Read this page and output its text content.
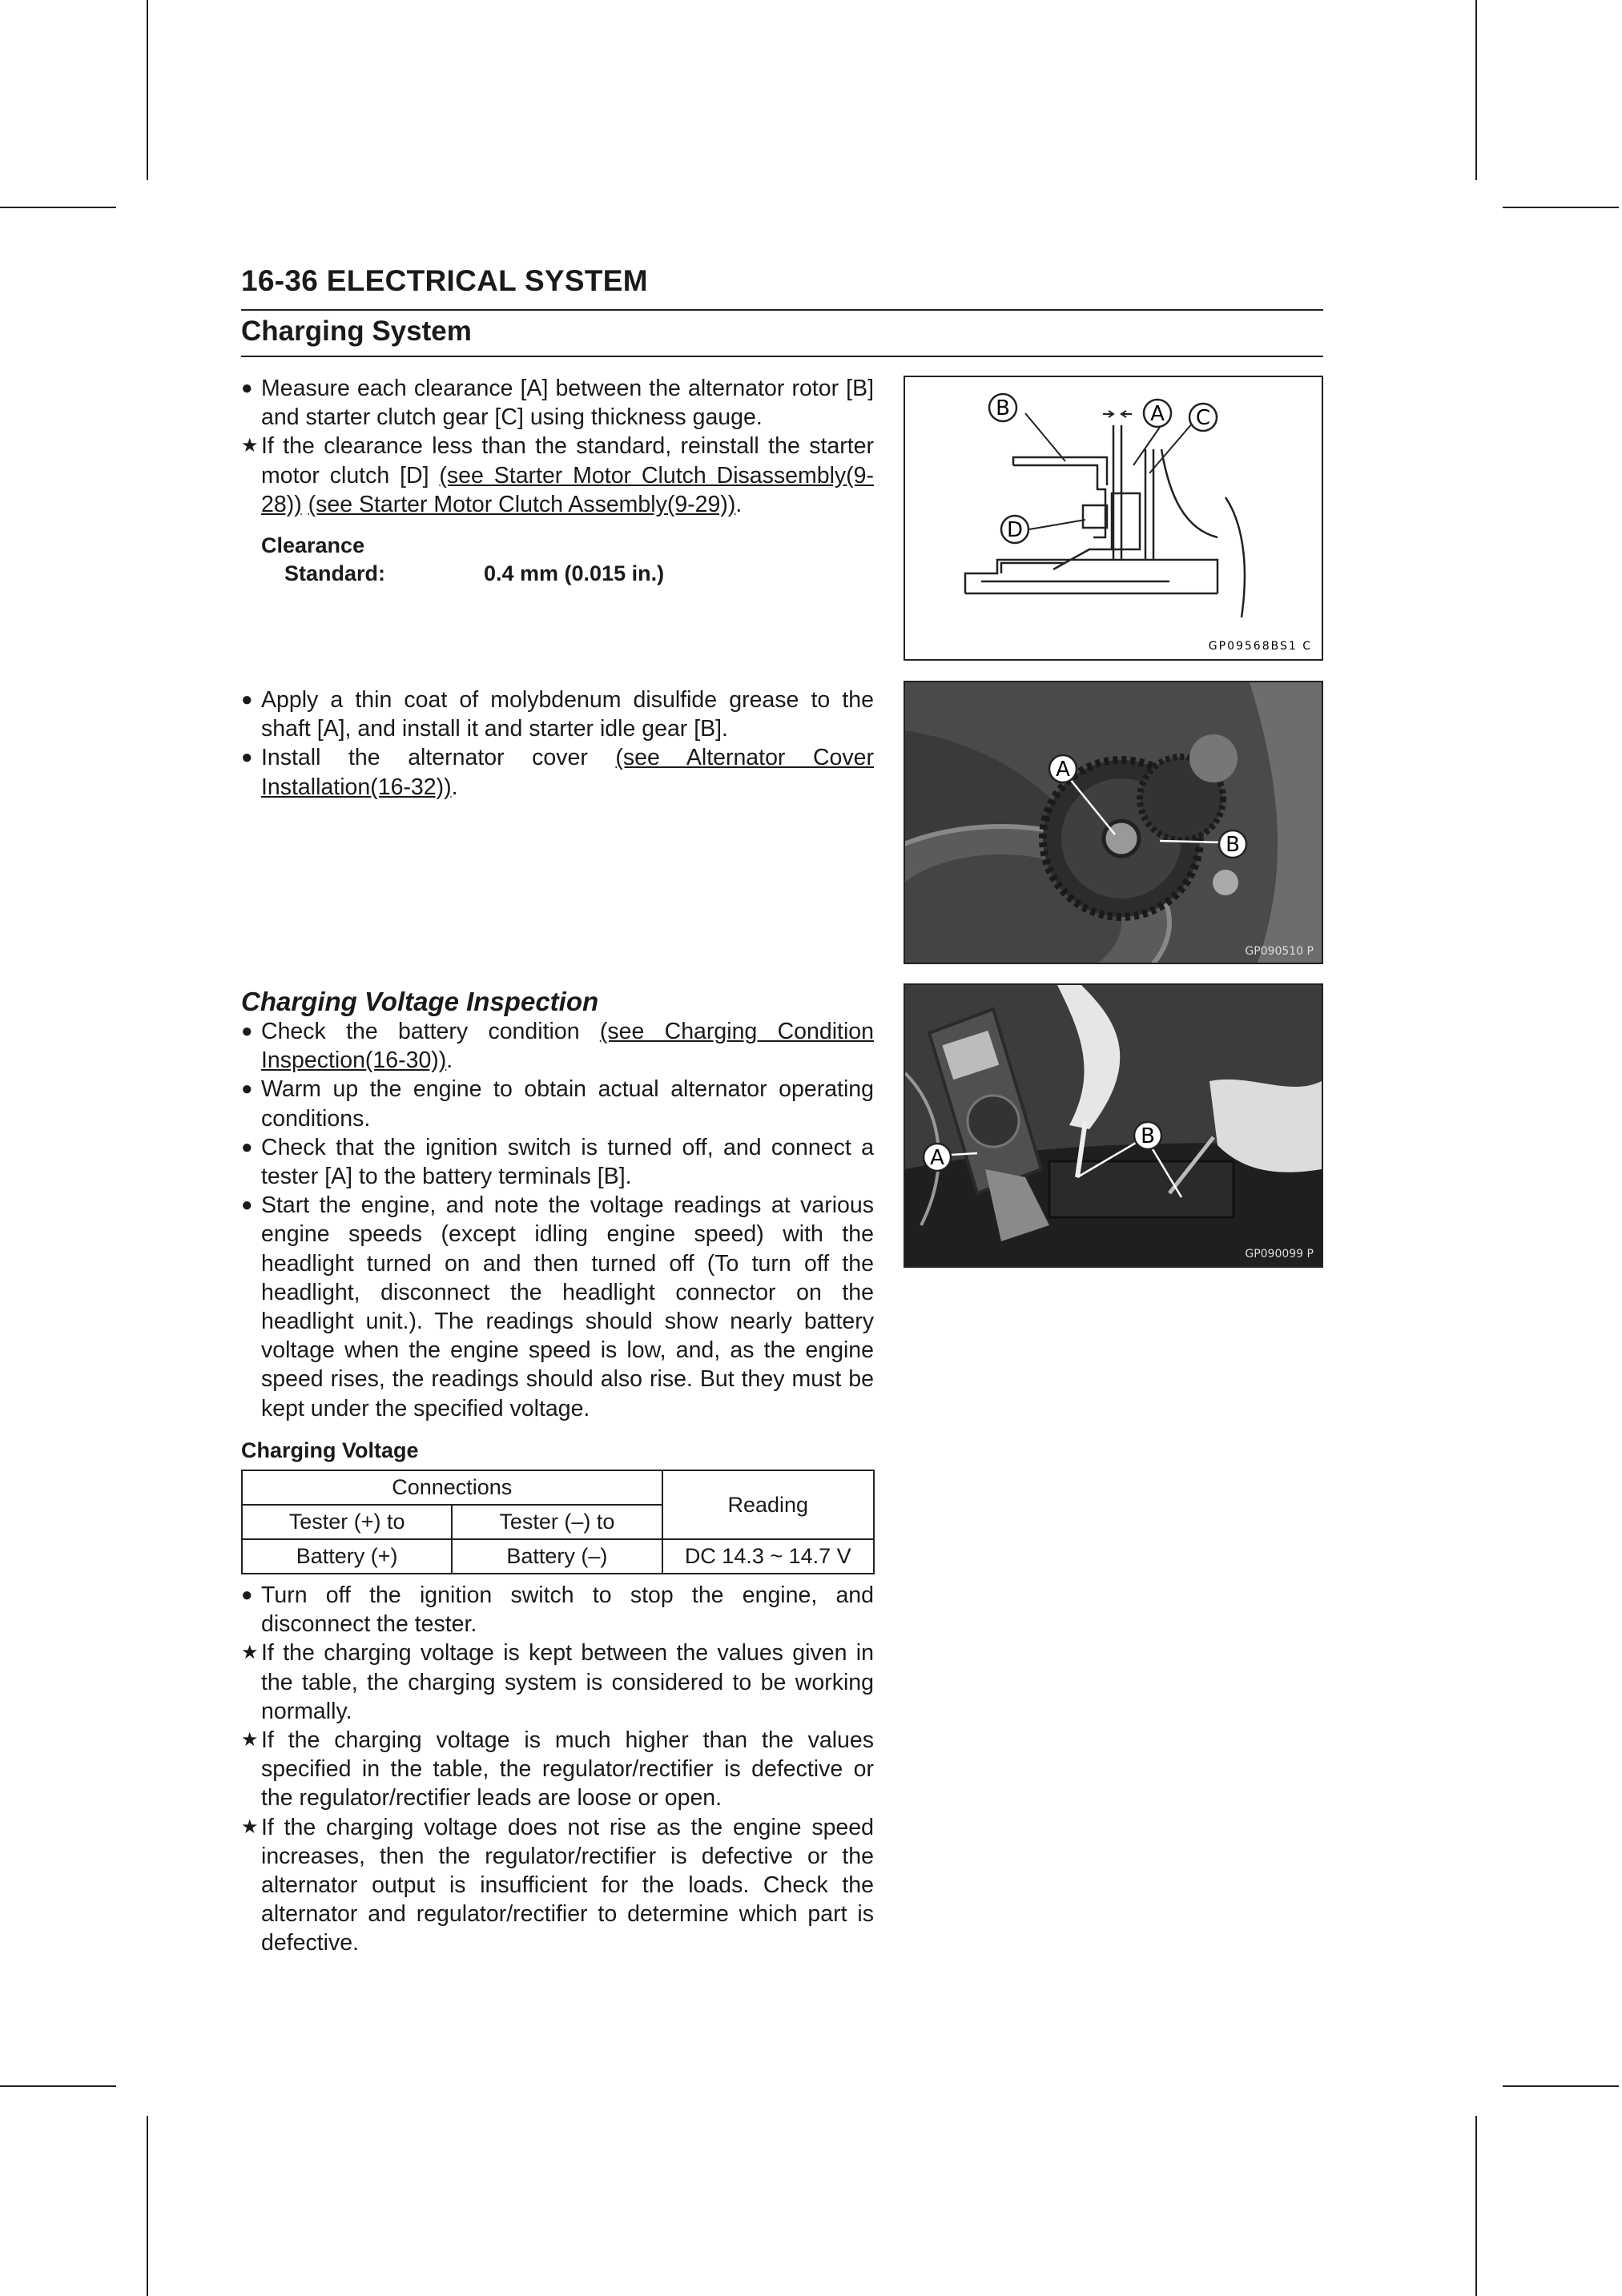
16-36 ELECTRICAL SYSTEM
Charging System
● Measure each clearance [A] between the alternator rotor [B] and starter clutch gear [C] using thickness gauge.
★ If the clearance less than the standard, reinstall the starter motor clutch [D] (see Starter Motor Clutch Disassembly(9-28)) (see Starter Motor Clutch Assembly(9-29)).
Clearance
Standard:	0.4 mm (0.015 in.)
B	A C
D
GP09568BS1 C
● Apply a thin coat of molybdenum disulfide grease to the shaft [A], and install it and starter idle gear [B].
● Install the alternator cover (see Alternator Cover Installation(16-32)).
A
B
GP090510 P
Charging Voltage Inspection
● Check the battery condition (see Charging Condition Inspection(16-30)).
● Warm up the engine to obtain actual alternator operating conditions.
● Check that the ignition switch is turned off, and connect a tester [A] to the battery terminals [B].
● Start the engine, and note the voltage readings at various engine speeds (except idling engine speed) with the headlight turned on and then turned off (To turn off the headlight, disconnect the headlight connector on the headlight unit.). The readings should show nearly battery voltage when the engine speed is low, and, as the engine speed rises, the readings should also rise. But they must be kept under the specified voltage.
Charging Voltage
Connections		Reading
Tester (+) to	Tester (–) to	
Battery (+)	Battery (–)	DC 14.3 ~ 14.7 V
● Turn off the ignition switch to stop the engine, and disconnect the tester.
★ If the charging voltage is kept between the values given in the table, the charging system is considered to be working normally.
★ If the charging voltage is much higher than the values specified in the table, the regulator/rectifier is defective or the regulator/rectifier leads are loose or open.
★ If the charging voltage does not rise as the engine speed increases, then the regulator/rectifier is defective or the alternator output is insufficient for the loads. Check the alternator and regulator/rectifier to determine which part is defective.
A
B
GP090099 P
